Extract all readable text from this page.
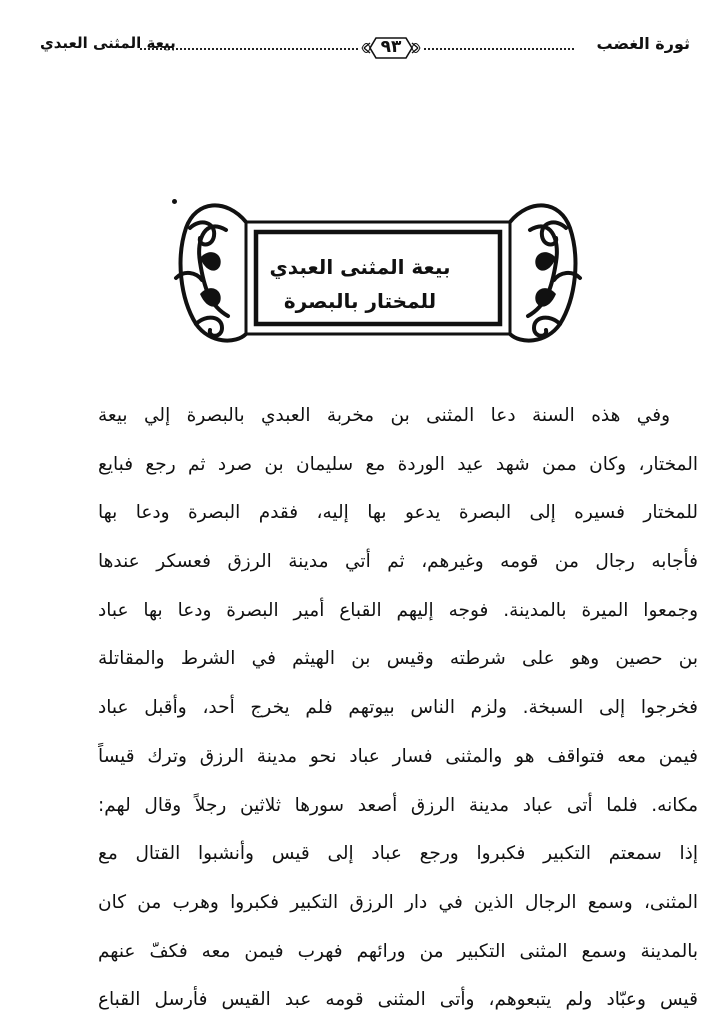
بيعة المثنى العبدي	٩٣	ثورة الغضب
بيعة المثنى العبدي
للمختار بالبصرة
وفي هذه السنة دعا المثنى بن مخربة العبدي بالبصرة إلي بيعة
المختار، وكان ممن شهد عيد الوردة مع سليمان بن صرد ثم رجع فبايع
للمختار فسيره إلى البصرة يدعو بها إليه، فقدم البصرة ودعا بها
فأجابه رجال من قومه وغيرهم، ثم أتي مدينة الرزق فعسكر عندها
وجمعوا الميرة بالمدينة. فوجه إليهم القباع أمير البصرة ودعا بها عباد
بن حصين وهو على شرطته وقيس بن الهيثم في الشرط والمقاتلة
فخرجوا إلى السبخة. ولزم الناس بيوتهم فلم يخرج أحد، وأقبل عباد
فيمن معه فتواقف هو والمثنى فسار عباد نحو مدينة الرزق وترك قيساً
مكانه. فلما أتى عباد مدينة الرزق أصعد سورها ثلاثين رجلاً وقال لهم:
إذا سمعتم التكبير فكبروا ورجع عباد إلى قيس وأنشبوا القتال مع
المثنى، وسمع الرجال الذين في دار الرزق التكبير فكبروا وهرب من كان
بالمدينة وسمع المثنى التكبير من ورائهم فهرب فيمن معه فكفّ عنهم
قيس وعبّاد ولم يتبعوهم، وأتى المثنى قومه عبد القيس فأرسل القباع
